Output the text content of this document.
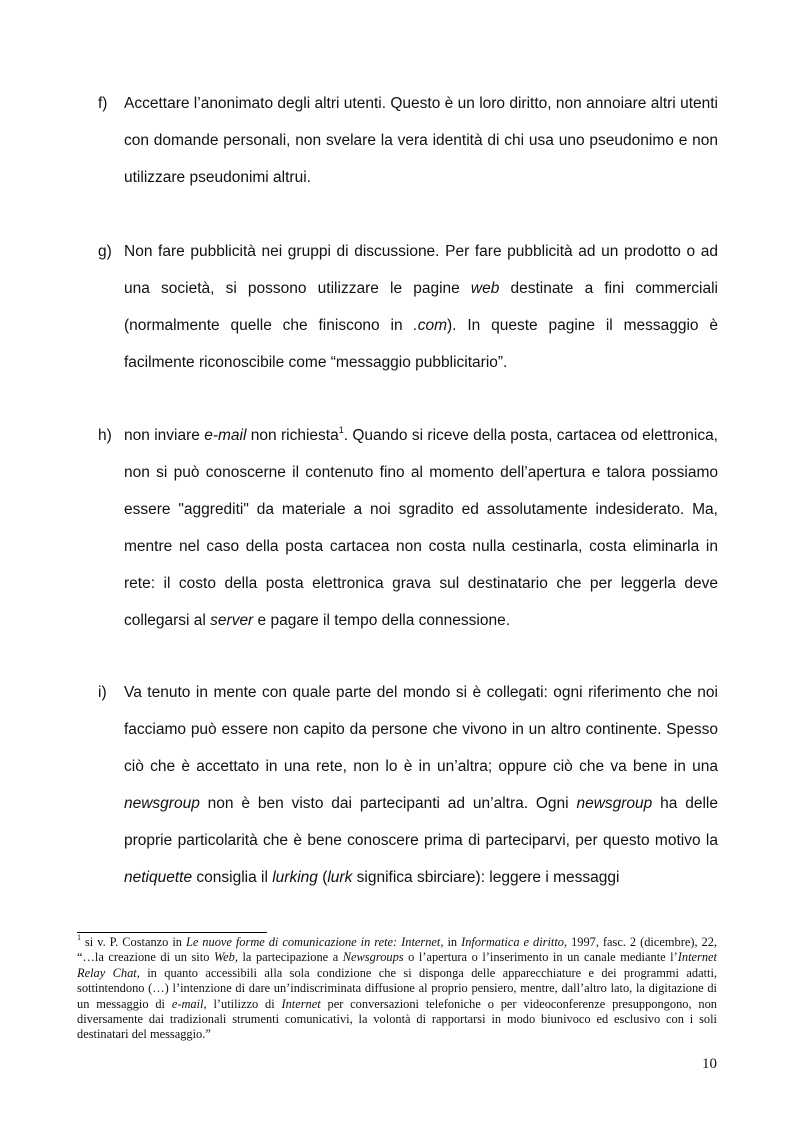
f) Accettare l’anonimato degli altri utenti. Questo è un loro diritto, non annoiare altri utenti con domande personali, non svelare la vera identità di chi usa uno pseudonimo e non utilizzare pseudonimi altrui.
g) Non fare pubblicità nei gruppi di discussione. Per fare pubblicità ad un prodotto o ad una società, si possono utilizzare le pagine web destinate a fini commerciali (normalmente quelle che finiscono in .com). In queste pagine il messaggio è facilmente riconoscibile come “messaggio pubblicitario”.
h) non inviare e-mail non richiesta$^1$. Quando si riceve della posta, cartacea od elettronica, non si può conoscerne il contenuto fino al momento dell’apertura e talora possiamo essere "aggrediti" da materiale a noi sgradito ed assolutamente indesiderato. Ma, mentre nel caso della posta cartacea non costa nulla cestinarla, costa eliminarla in rete: il costo della posta elettronica grava sul destinatario che per leggerla deve collegarsi al server e pagare il tempo della connessione.
i) Va tenuto in mente con quale parte del mondo si è collegati: ogni riferimento che noi facciamo può essere non capito da persone che vivono in un altro continente. Spesso ciò che è accettato in una rete, non lo è in un’altra; oppure ciò che va bene in una newsgroup non è ben visto dai partecipanti ad un’altra. Ogni newsgroup ha delle proprie particolarità che è bene conoscere prima di parteciparvi, per questo motivo la netiquette consiglia il lurking (lurk significa sbirciare): leggere i messaggi
$^1$ si v. P. Costanzo in Le nuove forme di comunicazione in rete: Internet, in Informatica e diritto, 1997, fasc. 2 (dicembre), 22, “…la creazione di un sito Web, la partecipazione a Newsgroups o l’apertura o l’inserimento in un canale mediante l’Internet Relay Chat, in quanto accessibili alla sola condizione che si disponga delle apparecchiature e dei programmi adatti, sottintendono (…) l’intenzione di dare un’indiscriminata diffusione al proprio pensiero, mentre, dall’altro lato, la digitazione di un messaggio di e-mail, l’utilizzo di Internet per conversazioni telefoniche o per videoconferenze presuppongono, non diversamente dai tradizionali strumenti comunicativi, la volontà di rapportarsi in modo biunivoco ed esclusivo con i soli destinatari del messaggio.”
10
